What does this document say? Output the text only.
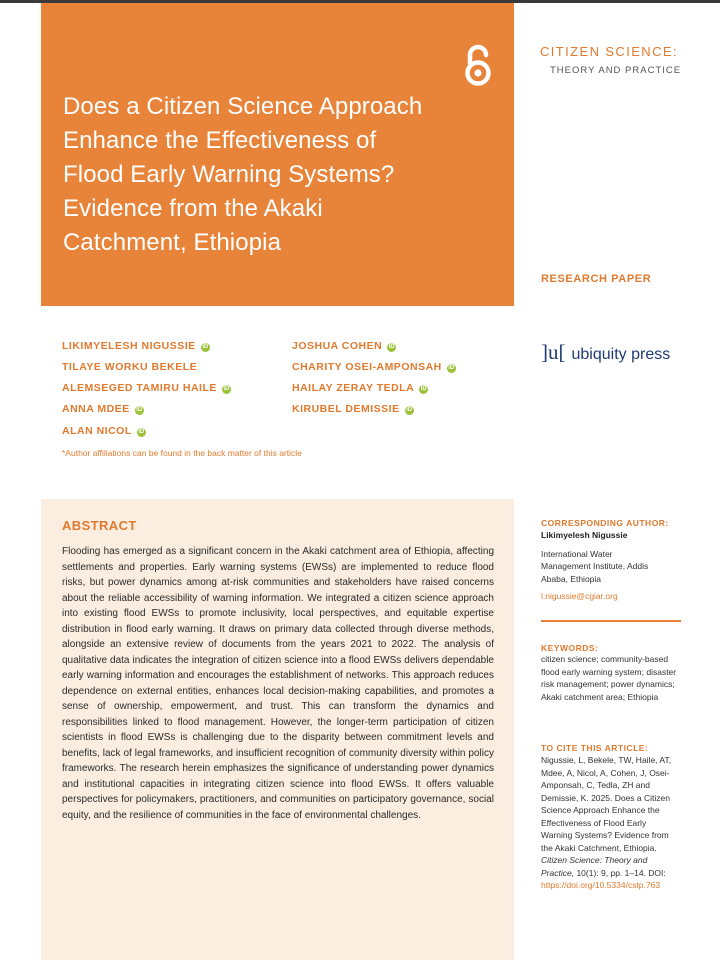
Does a Citizen Science Approach Enhance the Effectiveness of Flood Early Warning Systems? Evidence from the Akaki Catchment, Ethiopia
CITIZEN SCIENCE:
THEORY AND PRACTICE
RESEARCH PAPER
]u[ ubiquity press
LIKIMYELESH NIGUSSIE iD
TILAYE WORKU BEKELE
ALEMSEGED TAMIRU HAILE iD
ANNA MDEE iD
ALAN NICOL iD
JOSHUA COHEN iD
CHARITY OSEI-AMPONSAH iD
HAILAY ZERAY TEDLA iD
KIRUBEL DEMISSIE iD
*Author affiliations can be found in the back matter of this article
ABSTRACT

Flooding has emerged as a significant concern in the Akaki catchment area of Ethiopia, affecting settlements and properties. Early warning systems (EWSs) are implemented to reduce flood risks, but power dynamics among at-risk communities and stakeholders have raised concerns about the reliable accessibility of warning information. We integrated a citizen science approach into existing flood EWSs to promote inclusivity, local perspectives, and equitable expertise distribution in flood early warning. It draws on primary data collected through diverse methods, alongside an extensive review of documents from the years 2021 to 2022. The analysis of qualitative data indicates the integration of citizen science into a flood EWSs delivers dependable early warning information and encourages the establishment of networks. This approach reduces dependence on external entities, enhances local decision-making capabilities, and promotes a sense of ownership, empowerment, and trust. This can transform the dynamics and responsibilities linked to flood management. However, the longer-term participation of citizen scientists in flood EWSs is challenging due to the disparity between commitment levels and benefits, lack of legal frameworks, and insufficient recognition of community diversity within policy frameworks. The research herein emphasizes the significance of understanding power dynamics and institutional capacities in integrating citizen science into flood EWSs. It offers valuable perspectives for policymakers, practitioners, and communities on participatory governance, social equity, and the resilience of communities in the face of environmental challenges.

CORRESPONDING AUTHOR:
Likimyelesh Nigussie
International Water Management Institute, Addis Ababa, Ethiopia
l.nigussie@cgiar.org
KEYWORDS:
citizen science; community-based flood early warning system; disaster risk management; power dynamics; Akaki catchment area; Ethiopia
TO CITE THIS ARTICLE:
Nigussie, L, Bekele, TW, Haile, AT, Mdee, A, Nicol, A, Cohen, J, Osei-Amponsah, C, Tedla, ZH and Demissie, K. 2025. Does a Citizen Science Approach Enhance the Effectiveness of Flood Early Warning Systems? Evidence from the Akaki Catchment, Ethiopia. Citizen Science: Theory and Practice, 10(1): 9, pp. 1–14. DOI: https://doi.org/10.5334/cstp.763
